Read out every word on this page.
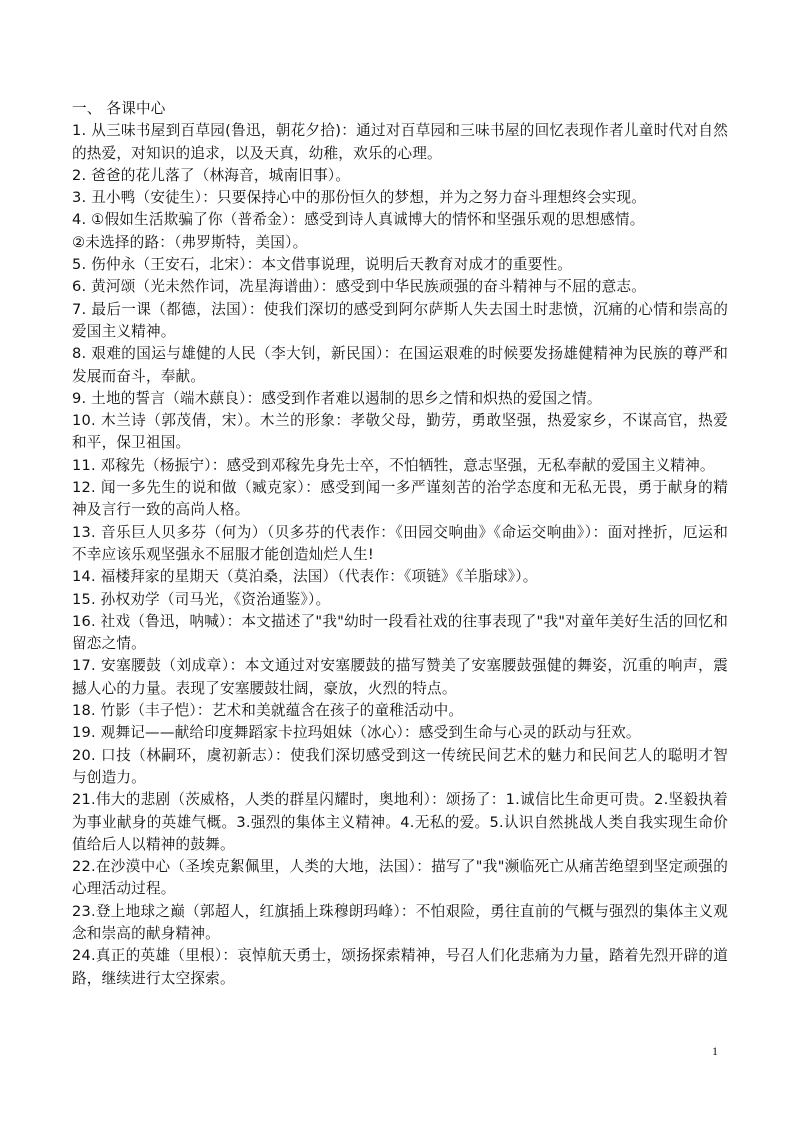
一、 各课中心

1. 从三味书屋到百草园(鲁迅，朝花夕拾)：通过对百草园和三味书屋的回忆表现作者儿童时代对自然的热爱，对知识的追求，以及天真，幼稚，欢乐的心理。

2. 爸爸的花儿落了（林海音，城南旧事）。

3. 丑小鸭（安徒生）：只要保持心中的那份恒久的梦想，并为之努力奋斗理想终会实现。

4. ①假如生活欺骗了你（普希金）：感受到诗人真诚博大的情怀和坚强乐观的思想感情。

②未选择的路：（弗罗斯特，美国）。

5. 伤仲永（王安石，北宋）：本文借事说理，说明后天教育对成才的重要性。

6. 黄河颂（光未然作词，冼星海谱曲）：感受到中华民族顽强的奋斗精神与不屈的意志。

7. 最后一课（都德，法国）：使我们深切的感受到阿尔萨斯人失去国土时悲愤，沉痛的心情和崇高的爱国主义精神。

8. 艰难的国运与雄健的人民（李大钊，新民国）：在国运艰难的时候要发扬雄健精神为民族的尊严和发展而奋斗，奉献。

9. 土地的誓言（端木蕻良）：感受到作者难以遏制的思乡之情和炽热的爱国之情。

10. 木兰诗（郭茂倩，宋）。木兰的形象：孝敬父母，勤劳，勇敢坚强，热爱家乡，不谋高官，热爱和平，保卫祖国。

11. 邓稼先（杨振宁）：感受到邓稼先身先士卒，不怕牺牲，意志坚强，无私奉献的爱国主义精神。

12. 闻一多先生的说和做（臧克家）：感受到闻一多严谨刻苦的治学态度和无私无畏，勇于献身的精神及言行一致的高尚人格。

13. 音乐巨人贝多芬（何为）（贝多芬的代表作：《田园交响曲》《命运交响曲》）：面对挫折，厄运和不幸应该乐观坚强永不屈服才能创造灿烂人生!

14. 福楼拜家的星期天（莫泊桑，法国）（代表作：《项链》《羊脂球》）。

15. 孙权劝学（司马光，《资治通鉴》）。

16. 社戏（鲁迅，呐喊）：本文描述了"我"幼时一段看社戏的往事表现了"我"对童年美好生活的回忆和留恋之情。

17. 安塞腰鼓（刘成章）：本文通过对安塞腰鼓的描写赞美了安塞腰鼓强健的舞姿，沉重的响声，震撼人心的力量。表现了安塞腰鼓壮阔，豪放，火烈的特点。

18. 竹影（丰子恺）：艺术和美就蕴含在孩子的童稚活动中。

19. 观舞记——献给印度舞蹈家卡拉玛姐妹（冰心）：感受到生命与心灵的跃动与狂欢。

20. 口技（林嗣环，虞初新志）：使我们深切感受到这一传统民间艺术的魅力和民间艺人的聪明才智与创造力。

21.伟大的悲剧（茨威格，人类的群星闪耀时，奥地利）：颂扬了：1.诚信比生命更可贵。2.坚毅执着为事业献身的英雄气概。3.强烈的集体主义精神。4.无私的爱。5.认识自然挑战人类自我实现生命价值给后人以精神的鼓舞。

22.在沙漠中心（圣埃克絮佩里，人类的大地，法国）：描写了"我"濒临死亡从痛苦绝望到坚定顽强的心理活动过程。

23.登上地球之巅（郭超人，红旗插上珠穆朗玛峰）：不怕艰险，勇往直前的气概与强烈的集体主义观念和崇高的献身精神。

24.真正的英雄（里根）：哀悼航天勇士，颂扬探索精神，号召人们化悲痛为力量，踏着先烈开辟的道路，继续进行太空探索。

1
